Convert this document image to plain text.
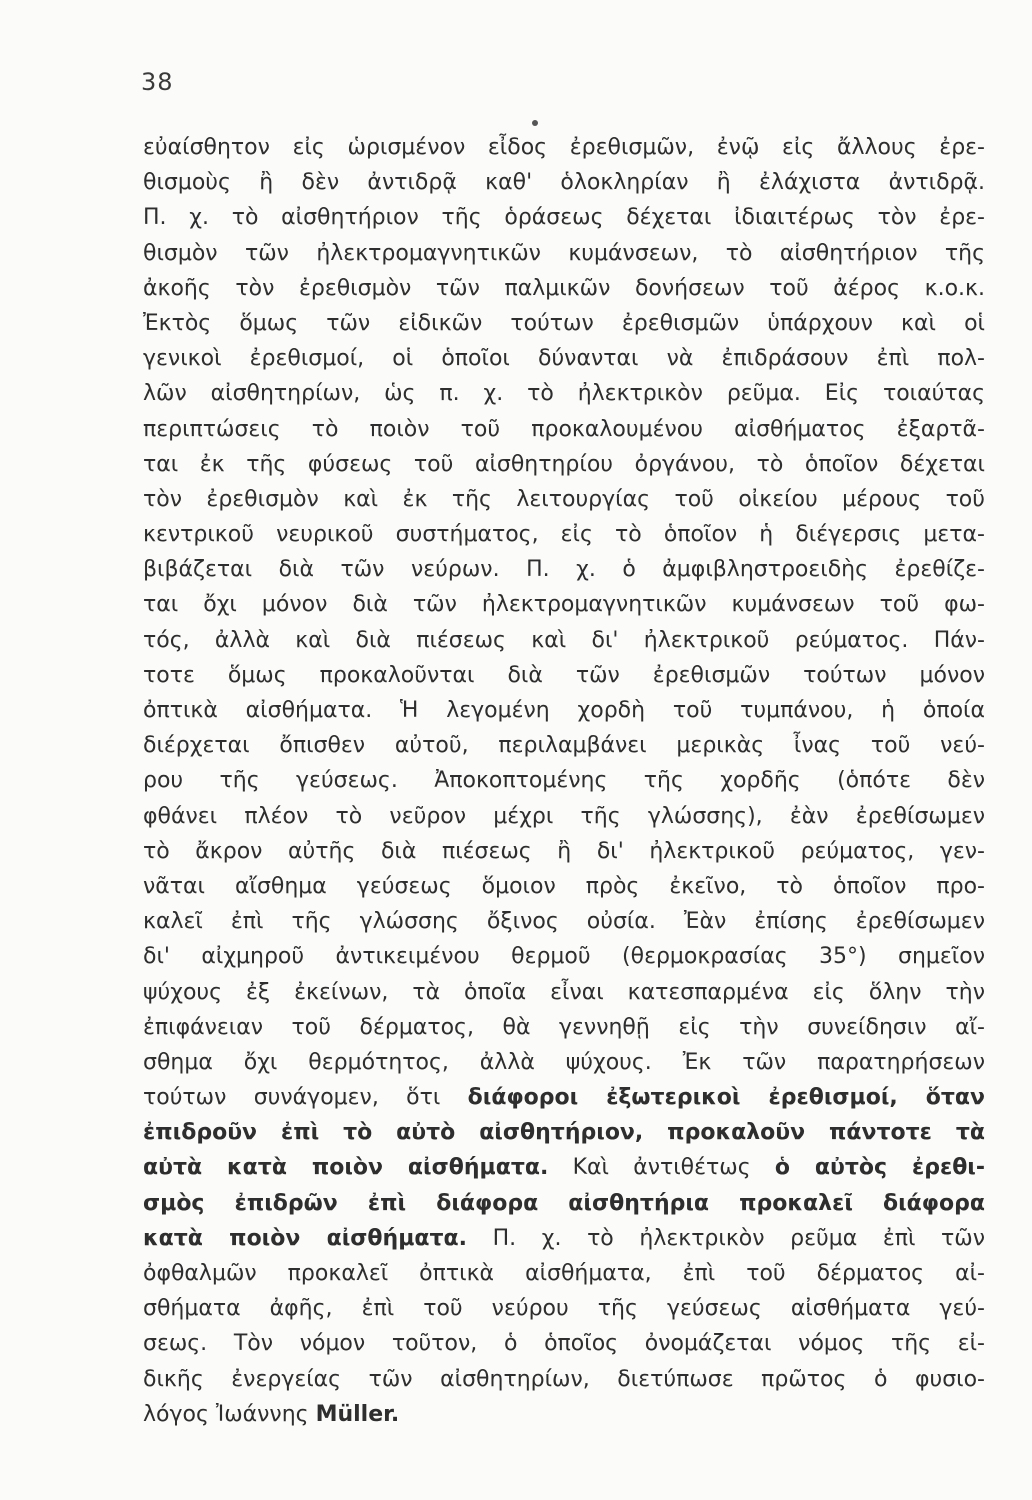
38
εὐαίσθητον εἰς ὡρισμένον εἶδος ἐρεθισμῶν, ἐνῷ εἰς ἄλλους ἐρε-
θισμοὺς ἢ δὲν ἀντιδρᾷ καθ' ὁλοκληρίαν ἢ ἐλάχιστα ἀντιδρᾷ.
Π. χ. τὸ αἰσθητήριον τῆς ὁράσεως δέχεται ἰδιαιτέρως τὸν ἐρε-
θισμὸν τῶν ἠλεκτρομαγνητικῶν κυμάνσεων, τὸ αἰσθητήριον τῆς
ἀκοῆς τὸν ἐρεθισμὸν τῶν παλμικῶν δονήσεων τοῦ ἀέρος κ.ο.κ.
Ἐκτὸς ὅμως τῶν εἰδικῶν τούτων ἐρεθισμῶν ὑπάρχουν καὶ οἱ
γενικοὶ ἐρεθισμοί, οἱ ὁποῖοι δύνανται νὰ ἐπιδράσουν ἐπὶ πολ-
λῶν αἰσθητηρίων, ὡς π. χ. τὸ ἠλεκτρικὸν ρεῦμα. Εἰς τοιαύτας
περιπτώσεις τὸ ποιὸν τοῦ προκαλουμένου αἰσθήματος ἐξαρτᾶ-
ται ἐκ τῆς φύσεως τοῦ αἰσθητηρίου ὀργάνου, τὸ ὁποῖον δέχεται
τὸν ἐρεθισμὸν καὶ ἐκ τῆς λειτουργίας τοῦ οἰκείου μέρους τοῦ
κεντρικοῦ νευρικοῦ συστήματος, εἰς τὸ ὁποῖον ἡ διέγερσις μετα-
βιβάζεται διὰ τῶν νεύρων. Π. χ. ὁ ἀμφιβληστροειδὴς ἐρεθίζε-
ται ὄχι μόνον διὰ τῶν ἠλεκτρομαγνητικῶν κυμάνσεων τοῦ φω-
τός, ἀλλὰ καὶ διὰ πιέσεως καὶ δι' ἠλεκτρικοῦ ρεύματος. Πάν-
τοτε ὅμως προκαλοῦνται διὰ τῶν ἐρεθισμῶν τούτων μόνον
ὀπτικὰ αἰσθήματα. Ἡ λεγομένη χορδὴ τοῦ τυμπάνου, ἡ ὁποία
διέρχεται ὄπισθεν αὐτοῦ, περιλαμβάνει μερικὰς ἶνας τοῦ νεύ-
ρου τῆς γεύσεως. Ἀποκοπτομένης τῆς χορδῆς (ὁπότε δὲν
φθάνει πλέον τὸ νεῦρον μέχρι τῆς γλώσσης), ἐὰν ἐρεθίσωμεν
τὸ ἄκρον αὐτῆς διὰ πιέσεως ἢ δι' ἠλεκτρικοῦ ρεύματος, γεν-
νᾶται αἴσθημα γεύσεως ὅμοιον πρὸς ἐκεῖνο, τὸ ὁποῖον προ-
καλεῖ ἐπὶ τῆς γλώσσης ὄξινος οὐσία. Ἐὰν ἐπίσης ἐρεθίσωμεν
δι' αἰχμηροῦ ἀντικειμένου θερμοῦ (θερμοκρασίας 35°) σημεῖον
ψύχους ἐξ ἐκείνων, τὰ ὁποῖα εἶναι κατεσπαρμένα εἰς ὅλην τὴν
ἐπιφάνειαν τοῦ δέρματος, θὰ γεννηθῇ εἰς τὴν συνείδησιν αἴ-
σθημα ὄχι θερμότητος, ἀλλὰ ψύχους. Ἐκ τῶν παρατηρήσεων
τούτων συνάγομεν, ὅτι διάφοροι ἐξωτερικοὶ ἐρεθισμοί, ὅταν
ἐπιδροῦν ἐπὶ τὸ αὐτὸ αἰσθητήριον, προκαλοῦν πάντοτε τὰ
αὐτὰ κατὰ ποιὸν αἰσθήματα. Καὶ ἀντιθέτως ὁ αὐτὸς ἐρεθι-
σμὸς ἐπιδρῶν ἐπὶ διάφορα αἰσθητήρια προκαλεῖ διάφορα
κατὰ ποιὸν αἰσθήματα. Π. χ. τὸ ἠλεκτρικὸν ρεῦμα ἐπὶ τῶν
ὀφθαλμῶν προκαλεῖ ὀπτικὰ αἰσθήματα, ἐπὶ τοῦ δέρματος αἰ-
σθήματα ἀφῆς, ἐπὶ τοῦ νεύρου τῆς γεύσεως αἰσθήματα γεύ-
σεως. Τὸν νόμον τοῦτον, ὁ ὁποῖος ὀνομάζεται νόμος τῆς εἰ-
δικῆς ἐνεργείας τῶν αἰσθητηρίων, διετύπωσε πρῶτος ὁ φυσιο-
λόγος Ἰωάννης Müller.
